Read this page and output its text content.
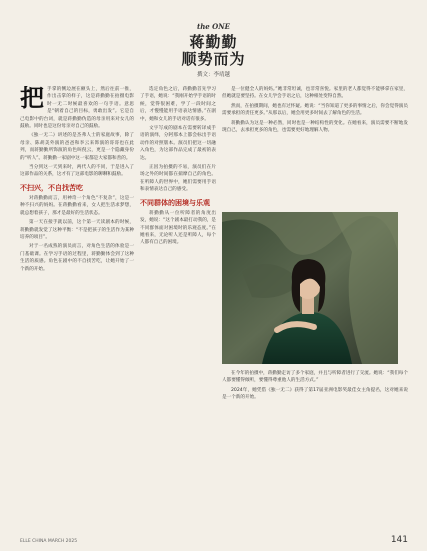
the ONE
蒋勤勤
顺势而为
撰文：李靖越

把 手掌的侧边展在额头上，然后往前一推，作出击掌的样子，这是蒋勤勤在拍摄电影时一无二时候最喜欢的一句手语。意思是“朝着自己的目标，勇敢出发”。它是自己电影中的台词，就是蒋勤勤伪造的母亲用来对女儿的鼓励。同时也是这份母亲对自己的鼓励。

《独一无二》讲述的是杰弗人士的家庭故事，除了母亲、陈胡美外演的爸爸和李云来饰演的哥哥也在此列，而蒋勤勤所饰演的角色叫倪云，更是一个隐藏身份的“听人”。蒋勤勤一家剧中这一家都是大家都和善的。

当分到这一天到来时，两代人的不同，于是进入了这部作品的关系，这才有了这部电影的聊聊和鼓励。

不扫兴，不自找苦吃

对蒋勤勤而言，用神奇一个角色“不复杂”，这是一种不扫兴的妈妈。在蒋勤勤看来，女人把生活求梦想，就总想着孩子，那才是最好的生活状态。

第一天在接手就以前，这个第一天读剧本的时候，蒋勤勤就发觉了这种平衡：“不是把孩子的生活作为某种培养的项目”。

对于一名成熟的演员而言，对角色生活的体验是一门基础课。在学习手语的过程里，蒋勤勤体会到了这种生活的质感。角色在剧中的不自找苦吃，让她开始了一个新的开始。

选定角色之后，蒋勤勤首先学习了手语，她说：“我刚开始学手语的时候，觉得很困难，学了一段时间之后，才慢慢能用手语表达情感。”在剧中，她和女儿的手语对话有很多。

文字写成的剧本在需要转译成手语的演绎，分阿那本上都会标出手语动作的对照版本。演员们把这一切融入角色，为这部作品完成了最初的表达。

正因为拍摄的不易，演员们在片场之外的时间都在揣摩自己的角色。在听障人的世界中，她们需要用手语和表情表达自己的感受。

不同群体的困境与乐观

蒋勤勤从一位听障者的角度出发，她说：“这个剧本最打动我的，是不同群体面对困境时的乐观态度。”在她看来，无论听人还是听障人，每个人都有自己的困境。

是一位健全人的妈妈。”她非常坦诚，也非常喜悦。家里的老人都觉得不能够拿在家里，但她就是要坚持。在女儿学会手语之后，这种相处变得自然。

然而，在拍摄期间，她也有过怀疑。她说：“当你知道了更多的事情之后，你会觉得演员需要承担的责任更多。”从那以后，她会用更多时间去了解角色的生活。

蒋勤勤认为这是一种必然，同时也是一种结构性的变化。在她看来，演员需要不断地发现自己，去承担更多的角色，也需要更好地理解人物。

在今年的拍摄中，蒋勤勤走访了多个家庭，并且与听障者进行了交流。她说：“我们每个人都要懂得倾听，要懂得尊重他人的生活方式。”

2024年，她凭借《独一无二》获得了第17届亚洲电影奖最佳女主角提名，这对她来说是一个新的开始。

ELLE CHINA MARCH 2025	141
